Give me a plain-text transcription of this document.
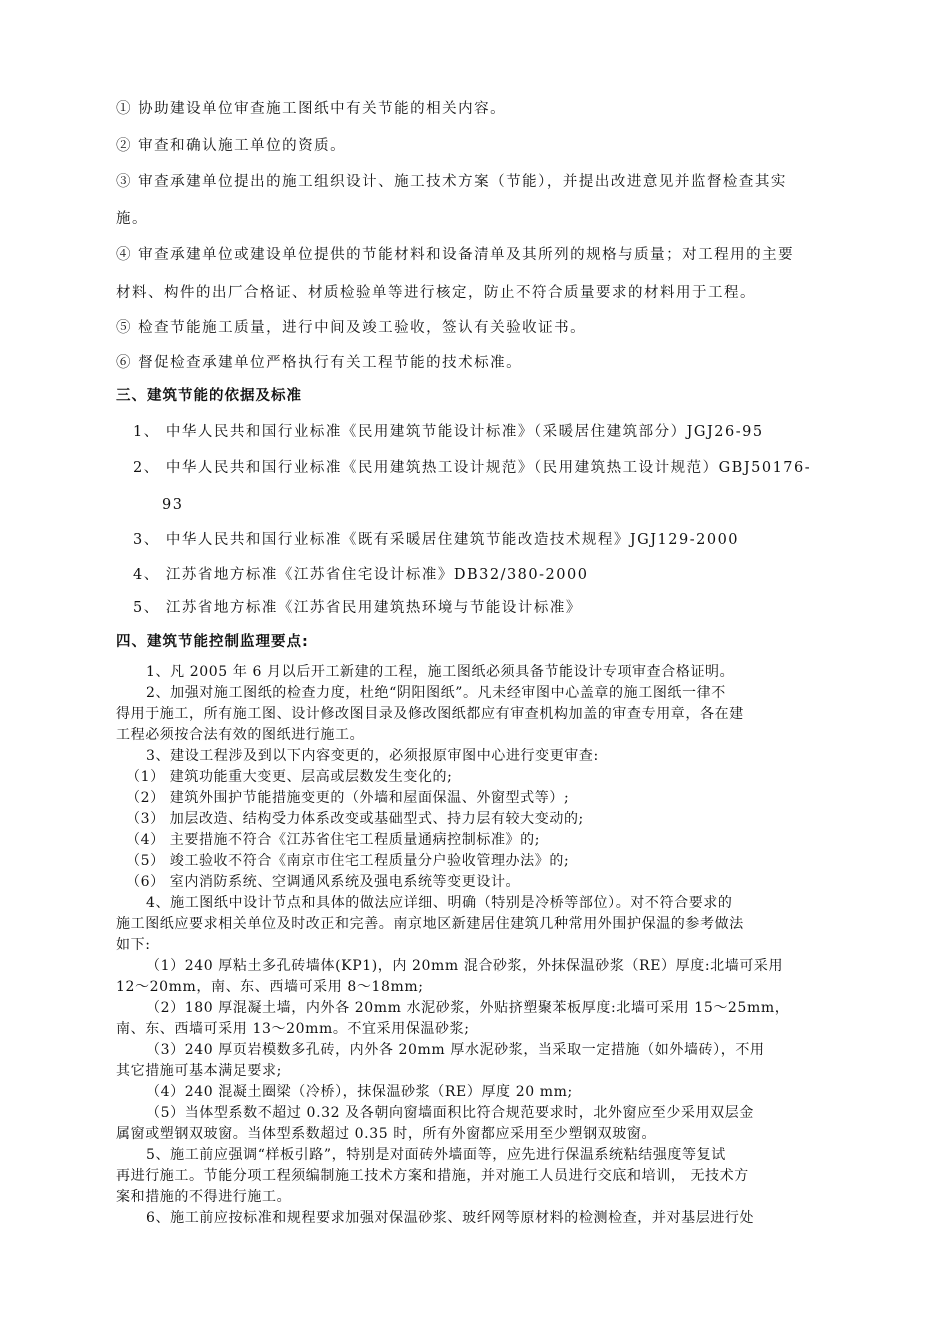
① 协助建设单位审查施工图纸中有关节能的相关内容。
② 审查和确认施工单位的资质。
③ 审查承建单位提出的施工组织设计、施工技术方案（节能），并提出改进意见并监督检查其实
施。
④ 审查承建单位或建设单位提供的节能材料和设备清单及其所列的规格与质量；对工程用的主要
材料、构件的出厂合格证、材质检验单等进行核定，防止不符合质量要求的材料用于工程。
⑤ 检查节能施工质量，进行中间及竣工验收，签认有关验收证书。
⑥ 督促检查承建单位严格执行有关工程节能的技术标准。
三、建筑节能的依据及标准
1、 中华人民共和国行业标准《民用建筑节能设计标准》（采暖居住建筑部分）JGJ26-95
2、 中华人民共和国行业标准《民用建筑热工设计规范》（民用建筑热工设计规范）GBJ50176-
93
3、 中华人民共和国行业标准《既有采暖居住建筑节能改造技术规程》JGJ129-2000
4、 江苏省地方标准《江苏省住宅设计标准》DB32/380-2000
5、 江苏省地方标准《江苏省民用建筑热环境与节能设计标准》
四、建筑节能控制监理要点:
1、凡 2005 年 6 月以后开工新建的工程，施工图纸必须具备节能设计专项审查合格证明。
2、加强对施工图纸的检查力度，杜绝“阴阳图纸”。凡未经审图中心盖章的施工图纸一律不
得用于施工，所有施工图、设计修改图目录及修改图纸都应有审查机构加盖的审查专用章，各在建
工程必须按合法有效的图纸进行施工。
3、建设工程涉及到以下内容变更的，必须报原审图中心进行变更审查:
（1） 建筑功能重大变更、层高或层数发生变化的;
（2） 建筑外围护节能措施变更的（外墙和屋面保温、外窗型式等）;
（3） 加层改造、结构受力体系改变或基础型式、持力层有较大变动的;
（4） 主要措施不符合《江苏省住宅工程质量通病控制标准》的;
（5） 竣工验收不符合《南京市住宅工程质量分户验收管理办法》的;
（6） 室内消防系统、空调通风系统及强电系统等变更设计。
4、施工图纸中设计节点和具体的做法应详细、明确（特别是冷桥等部位）。对不符合要求的
施工图纸应要求相关单位及时改正和完善。南京地区新建居住建筑几种常用外围护保温的参考做法
如下:
（1）240 厚粘土多孔砖墙体(KP1)，内 20mm 混合砂浆，外抹保温砂浆（RE）厚度:北墙可采用
12～20mm，南、东、西墙可采用 8～18mm;
（2）180 厚混凝土墙，内外各 20mm 水泥砂浆，外贴挤塑聚苯板厚度:北墙可采用 15～25mm，
南、东、西墙可采用 13～20mm。不宜采用保温砂浆;
（3）240 厚页岩模数多孔砖，内外各 20mm 厚水泥砂浆，当采取一定措施（如外墙砖），不用
其它措施可基本满足要求;
（4）240 混凝土圈梁（冷桥），抹保温砂浆（RE）厚度 20 mm;
（5）当体型系数不超过 0.32 及各朝向窗墙面积比符合规范要求时，北外窗应至少采用双层金
属窗或塑钢双玻窗。当体型系数超过 0.35 时，所有外窗都应采用至少塑钢双玻窗。
5、施工前应强调“样板引路”，特别是对面砖外墙面等，应先进行保温系统粘结强度等复试
再进行施工。节能分项工程须编制施工技术方案和措施，并对施工人员进行交底和培训， 无技术方
案和措施的不得进行施工。
6、施工前应按标准和规程要求加强对保温砂浆、玻纤网等原材料的检测检查，并对基层进行处
